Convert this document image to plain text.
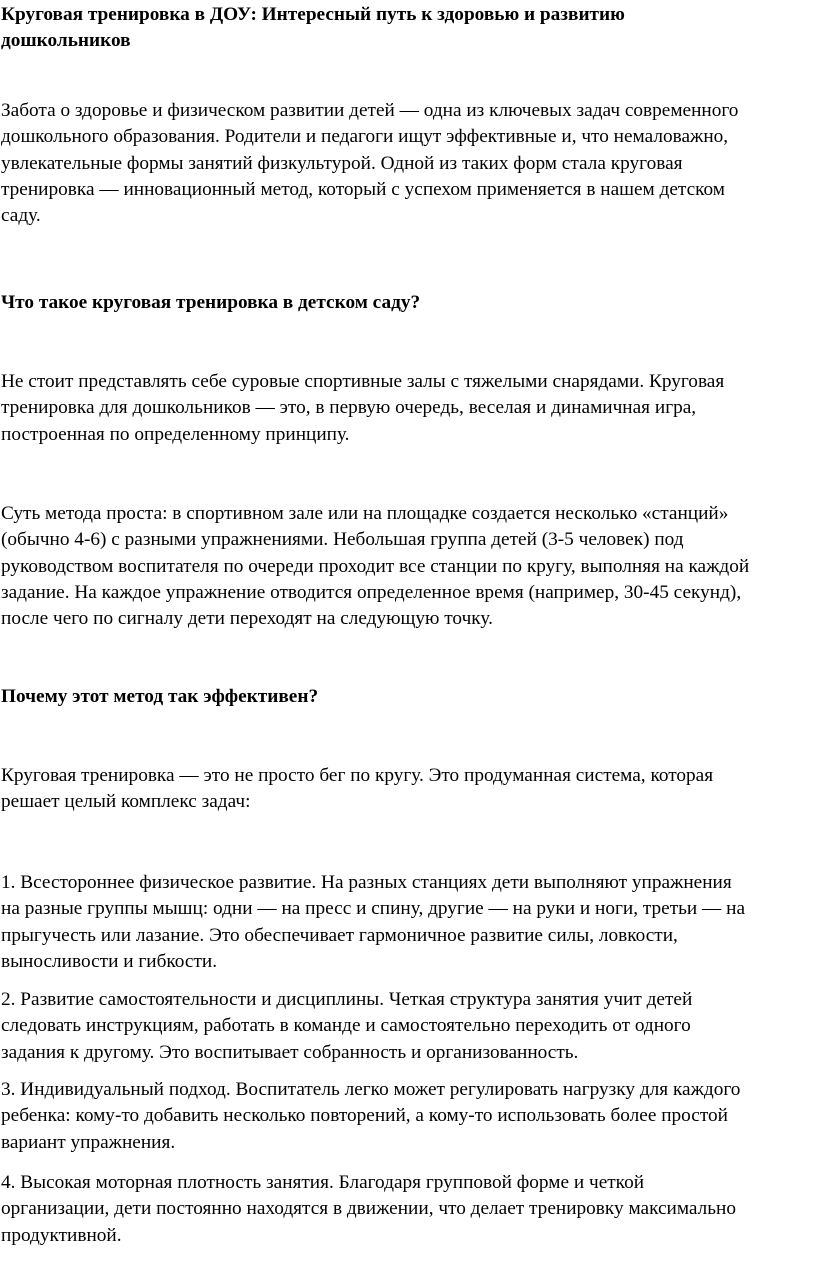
Круговая тренировка в ДОУ: Интересный путь к здоровью и развитию
дошкольников
Забота о здоровье и физическом развитии детей — одна из ключевых задач современного
дошкольного образования. Родители и педагоги ищут эффективные и, что немаловажно,
увлекательные формы занятий физкультурой. Одной из таких форм стала круговая
тренировка — инновационный метод, который с успехом применяется в нашем детском
саду.
Что такое круговая тренировка в детском саду?
Не стоит представлять себе суровые спортивные залы с тяжелыми снарядами. Круговая
тренировка для дошкольников — это, в первую очередь, веселая и динамичная игра,
построенная по определенному принципу.
Суть метода проста: в спортивном зале или на площадке создается несколько «станций»
(обычно 4-6) с разными упражнениями. Небольшая группа детей (3-5 человек) под
руководством воспитателя по очереди проходит все станции по кругу, выполняя на каждой
задание. На каждое упражнение отводится определенное время (например, 30-45 секунд),
после чего по сигналу дети переходят на следующую точку.
Почему этот метод так эффективен?
Круговая тренировка — это не просто бег по кругу. Это продуманная система, которая
решает целый комплекс задач:
1. Всестороннее физическое развитие. На разных станциях дети выполняют упражнения
на разные группы мышц: одни — на пресс и спину, другие — на руки и ноги, третьи — на
прыгучесть или лазание. Это обеспечивает гармоничное развитие силы, ловкости,
выносливости и гибкости.
2. Развитие самостоятельности и дисциплины. Четкая структура занятия учит детей
следовать инструкциям, работать в команде и самостоятельно переходить от одного
задания к другому. Это воспитывает собранность и организованность.
3. Индивидуальный подход. Воспитатель легко может регулировать нагрузку для каждого
ребенка: кому-то добавить несколько повторений, а кому-то использовать более простой
вариант упражнения.
4. Высокая моторная плотность занятия. Благодаря групповой форме и четкой
организации, дети постоянно находятся в движении, что делает тренировку максимально
продуктивной.
